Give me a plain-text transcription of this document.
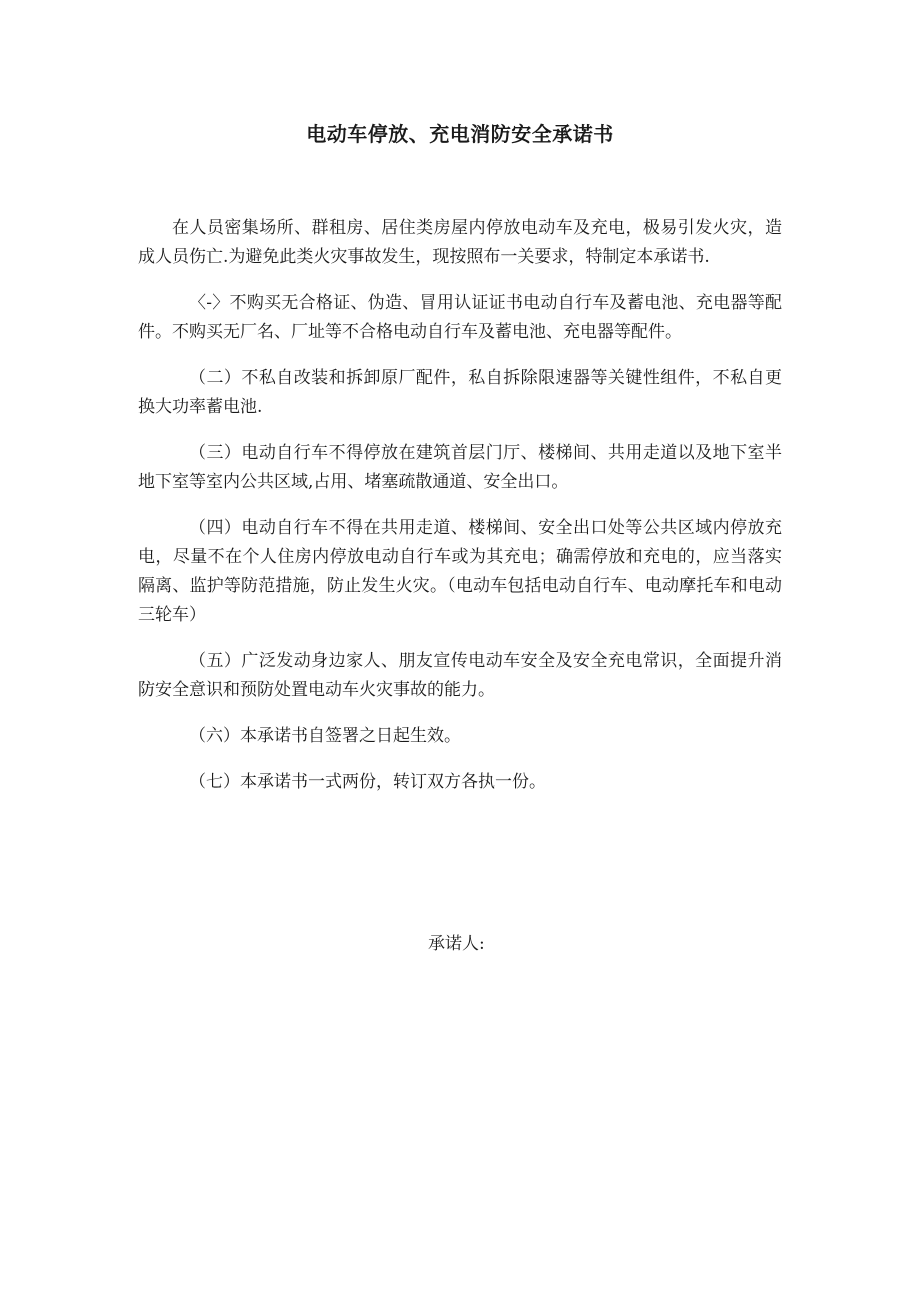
电动车停放、充电消防安全承诺书

在人员密集场所、群租房、居住类房屋内停放电动车及充电，极易引发火灾，造成人员伤亡.为避免此类火灾事故发生，现按照布一关要求，特制定本承诺书.

〈-〉不购买无合格证、伪造、冒用认证证书电动自行车及蓄电池、充电器等配件。不购买无厂名、厂址等不合格电动自行车及蓄电池、充电器等配件。

（二）不私自改装和拆卸原厂配件，私自拆除限速器等关键性组件，不私自更换大功率蓄电池.

（三）电动自行车不得停放在建筑首层门厅、楼梯间、共用走道以及地下室半地下室等室内公共区域,占用、堵塞疏散通道、安全出口。

（四）电动自行车不得在共用走道、楼梯间、安全出口处等公共区域内停放充电，尽量不在个人住房内停放电动自行车或为其充电；确需停放和充电的，应当落实隔离、监护等防范措施，防止发生火灾。（电动车包括电动自行车、电动摩托车和电动三轮车）

（五）广泛发动身边家人、朋友宣传电动车安全及安全充电常识，全面提升消防安全意识和预防处置电动车火灾事故的能力。

（六）本承诺书自签署之日起生效。

（七）本承诺书一式两份，转订双方各执一份。

承诺人:
